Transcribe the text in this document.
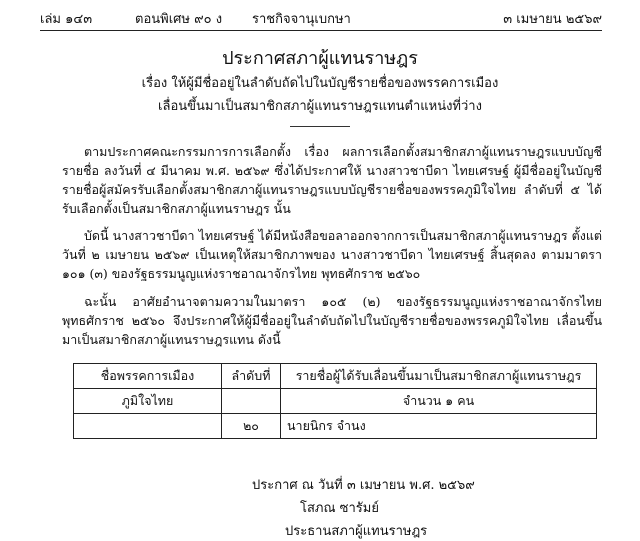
เล่ม ๑๔๓	ตอนพิเศษ ๙๐ ง ราชกิจจานุเบกษา	๓ เมษายน ๒๕๖๙
ประกาศสภาผู้แทนราษฎร
เรื่อง ให้ผู้มีชื่ออยู่ในลำดับถัดไปในบัญชีรายชื่อของพรรคการเมือง
เลื่อนขึ้นมาเป็นสมาชิกสภาผู้แทนราษฎรแทนตำแหน่งที่ว่าง

ตามประกาศคณะกรรมการการเลือกตั้ง เรื่อง ผลการเลือกตั้งสมาชิกสภาผู้แทนราษฎรแบบบัญชีรายชื่อ ลงวันที่ ๔ มีนาคม พ.ศ. ๒๕๖๙ ซึ่งได้ประกาศให้ นางสาวชาบีดา ไทยเศรษฐ์ ผู้มีชื่ออยู่ในบัญชีรายชื่อผู้สมัครรับเลือกตั้งสมาชิกสภาผู้แทนราษฎรแบบบัญชีรายชื่อของพรรคภูมิใจไทย ลำดับที่ ๕ ได้รับเลือกตั้งเป็นสมาชิกสภาผู้แทนราษฎร นั้น

บัดนี้ นางสาวชาบีดา ไทยเศรษฐ์ ได้มีหนังสือขอลาออกจากการเป็นสมาชิกสภาผู้แทนราษฎร ตั้งแต่วันที่ ๒ เมษายน ๒๕๖๙ เป็นเหตุให้สมาชิกภาพของ นางสาวชาบีดา ไทยเศรษฐ์ สิ้นสุดลง ตามมาตรา ๑๐๑ (๓) ของรัฐธรรมนูญแห่งราชอาณาจักรไทย พุทธศักราช ๒๕๖๐

ฉะนั้น อาศัยอำนาจตามความในมาตรา ๑๐๕ (๒) ของรัฐธรรมนูญแห่งราชอาณาจักรไทย พุทธศักราช ๒๕๖๐ จึงประกาศให้ผู้มีชื่ออยู่ในลำดับถัดไปในบัญชีรายชื่อของพรรคภูมิใจไทย เลื่อนขึ้นมาเป็นสมาชิกสภาผู้แทนราษฎรแทน ดังนี้

ชื่อพรรคการเมือง	ลำดับที่	รายชื่อผู้ได้รับเลื่อนขึ้นมาเป็นสมาชิกสภาผู้แทนราษฎร
ภูมิใจไทย		จำนวน ๑ คน
	๒๐	นายนิกร จำนง
ประกาศ ณ วันที่ ๓ เมษายน พ.ศ. ๒๕๖๙
โสภณ ซารัมย์
ประธานสภาผู้แทนราษฎร
